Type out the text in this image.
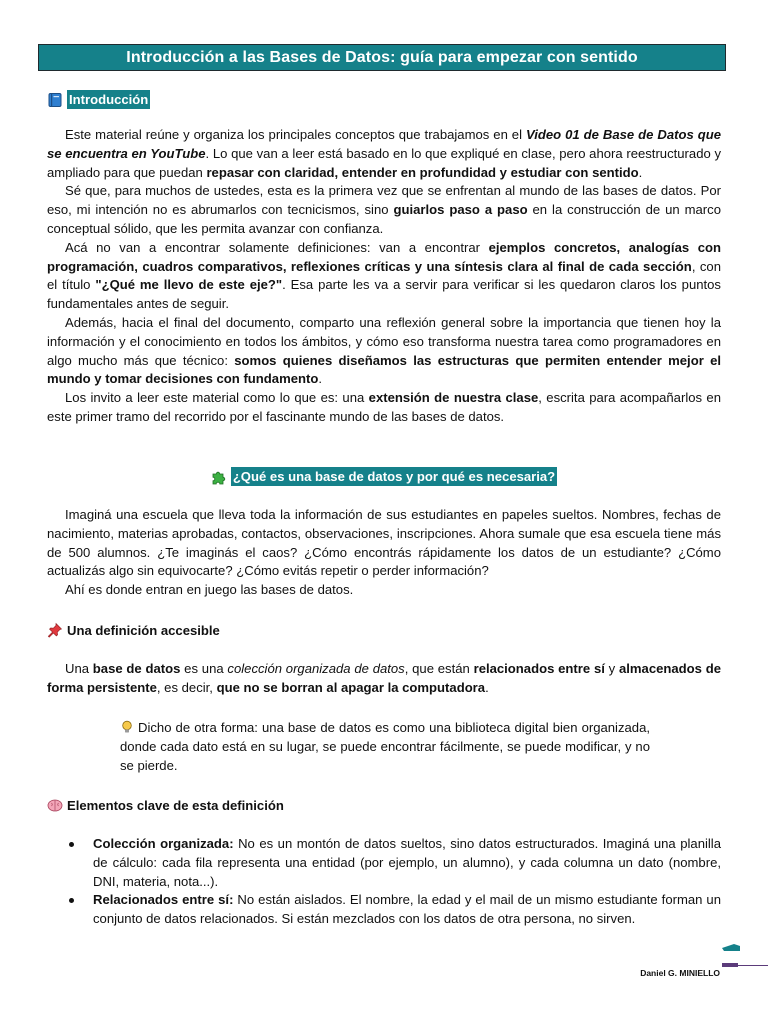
Introducción a las Bases de Datos: guía para empezar con sentido
Introducción

Este material reúne y organiza los principales conceptos que trabajamos en el Video 01 de Base de Datos que se encuentra en YouTube. Lo que van a leer está basado en lo que expliqué en clase, pero ahora reestructurado y ampliado para que puedan repasar con claridad, entender en profundidad y estudiar con sentido.

Sé que, para muchos de ustedes, esta es la primera vez que se enfrentan al mundo de las bases de datos. Por eso, mi intención no es abrumarlos con tecnicismos, sino guiarlos paso a paso en la construcción de un marco conceptual sólido, que les permita avanzar con confianza.

Acá no van a encontrar solamente definiciones: van a encontrar ejemplos concretos, analogías con programación, cuadros comparativos, reflexiones críticas y una síntesis clara al final de cada sección, con el título "¿Qué me llevo de este eje?". Esa parte les va a servir para verificar si les quedaron claros los puntos fundamentales antes de seguir.

Además, hacia el final del documento, comparto una reflexión general sobre la importancia que tienen hoy la información y el conocimiento en todos los ámbitos, y cómo eso transforma nuestra tarea como programadores en algo mucho más que técnico: somos quienes diseñamos las estructuras que permiten entender mejor el mundo y tomar decisiones con fundamento.

Los invito a leer este material como lo que es: una extensión de nuestra clase, escrita para acompañarlos en este primer tramo del recorrido por el fascinante mundo de las bases de datos.

¿Qué es una base de datos y por qué es necesaria?

Imaginá una escuela que lleva toda la información de sus estudiantes en papeles sueltos. Nombres, fechas de nacimiento, materias aprobadas, contactos, observaciones, inscripciones. Ahora sumale que esa escuela tiene más de 500 alumnos. ¿Te imaginás el caos? ¿Cómo encontrás rápidamente los datos de un estudiante? ¿Cómo actualizás algo sin equivocarte? ¿Cómo evitás repetir o perder información?

Ahí es donde entran en juego las bases de datos.

Una definición accesible

Una base de datos es una colección organizada de datos, que están relacionados entre sí y almacenados de forma persistente, es decir, que no se borran al apagar la computadora.

Dicho de otra forma: una base de datos es como una biblioteca digital bien organizada, donde cada dato está en su lugar, se puede encontrar fácilmente, se puede modificar, y no se pierde.
Elementos clave de esta definición
Colección organizada: No es un montón de datos sueltos, sino datos estructurados. Imaginá una planilla de cálculo: cada fila representa una entidad (por ejemplo, un alumno), y cada columna un dato (nombre, DNI, materia, nota...).
Relacionados entre sí: No están aislados. El nombre, la edad y el mail de un mismo estudiante forman un conjunto de datos relacionados. Si están mezclados con los datos de otra persona, no sirven.
Daniel G. MINIELLO
